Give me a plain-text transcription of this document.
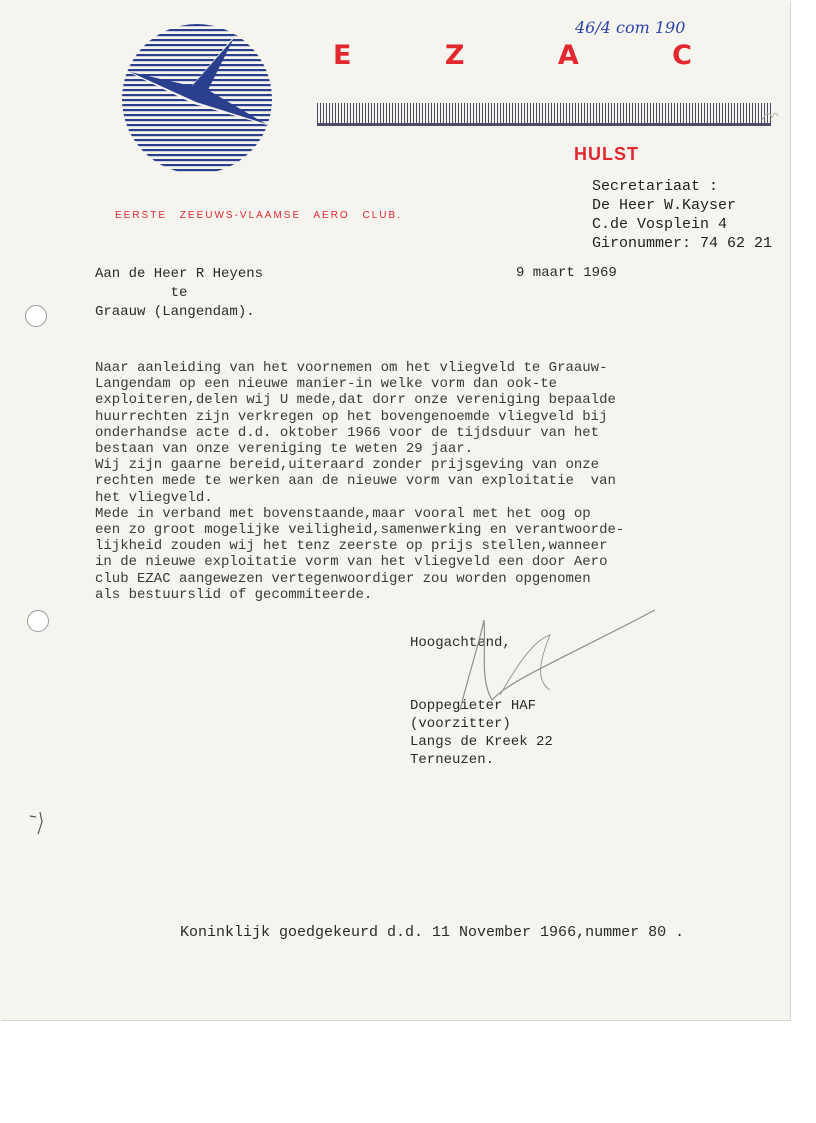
E Z A C
HULST
EERSTE ZEEUWS-VLAAMSE AERO CLUB.
46/4 com 190
Secretariaat :
De Heer W.Kayser
C.de Vosplein 4
Gironummer: 74 62 21
Aan de Heer R Heyens
te
Graauw (Langendam).
9 maart 1969
Naar aanleiding van het voornemen om het vliegveld te Graauw-
Langendam op een nieuwe manier-in welke vorm dan ook-te
exploiteren,delen wij U mede,dat dorr onze vereniging bepaalde
huurrechten zijn verkregen op het bovengenoemde vliegveld bij
onderhandse acte d.d. oktober 1966 voor de tijdsduur van het
bestaan van onze vereniging te weten 29 jaar.
Wij zijn gaarne bereid,uiteraard zonder prijsgeving van onze
rechten mede te werken aan de nieuwe vorm van exploitatie  van
het vliegveld.
Mede in verband met bovenstaande,maar vooral met het oog op
een zo groot mogelijke veiligheid,samenwerking en verantwoorde-
lijkheid zouden wij het tenz zeerste op prijs stellen,wanneer
in de nieuwe exploitatie vorm van het vliegveld een door Aero
club EZAC aangewezen vertegenwoordiger zou worden opgenomen
als bestuurslid of gecommiteerde.
Hoogachtend,
Doppegieter HAF
(voorzitter)
Langs de Kreek 22
Terneuzen.
Koninklijk goedgekeurd d.d. 11 November 1966,nummer 80 .
